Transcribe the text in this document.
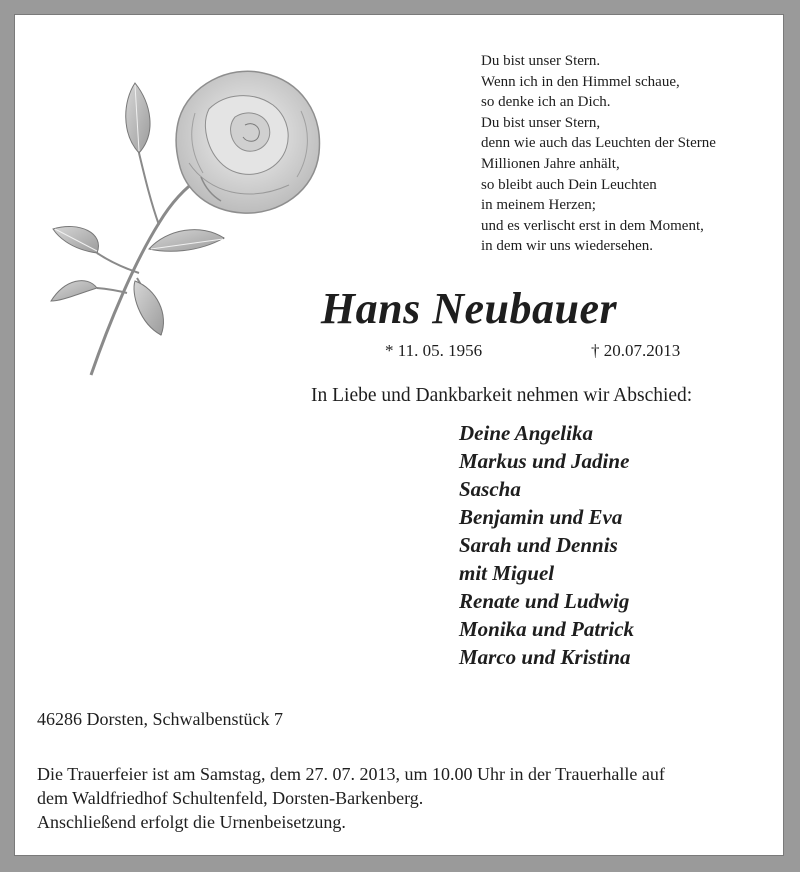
Du bist unser Stern.
Wenn ich in den Himmel schaue,
so denke ich an Dich.
Du bist unser Stern,
denn wie auch das Leuchten der Sterne
Millionen Jahre anhält,
so bleibt auch Dein Leuchten
in meinem Herzen;
und es verlischt erst in dem Moment,
in dem wir uns wiedersehen.
Hans Neubauer
* 11. 05. 1956	† 20.07.2013
In Liebe und Dankbarkeit nehmen wir Abschied:
Deine Angelika
Markus und Jadine
Sascha
Benjamin und Eva
Sarah und Dennis
mit Miguel
Renate und Ludwig
Monika und Patrick
Marco und Kristina
46286 Dorsten, Schwalbenstück 7
Die Trauerfeier ist am Samstag, dem 27. 07. 2013, um 10.00 Uhr in der Trauerhalle auf
dem Waldfriedhof Schultenfeld, Dorsten-Barkenberg.
Anschließend erfolgt die Urnenbeisetzung.
